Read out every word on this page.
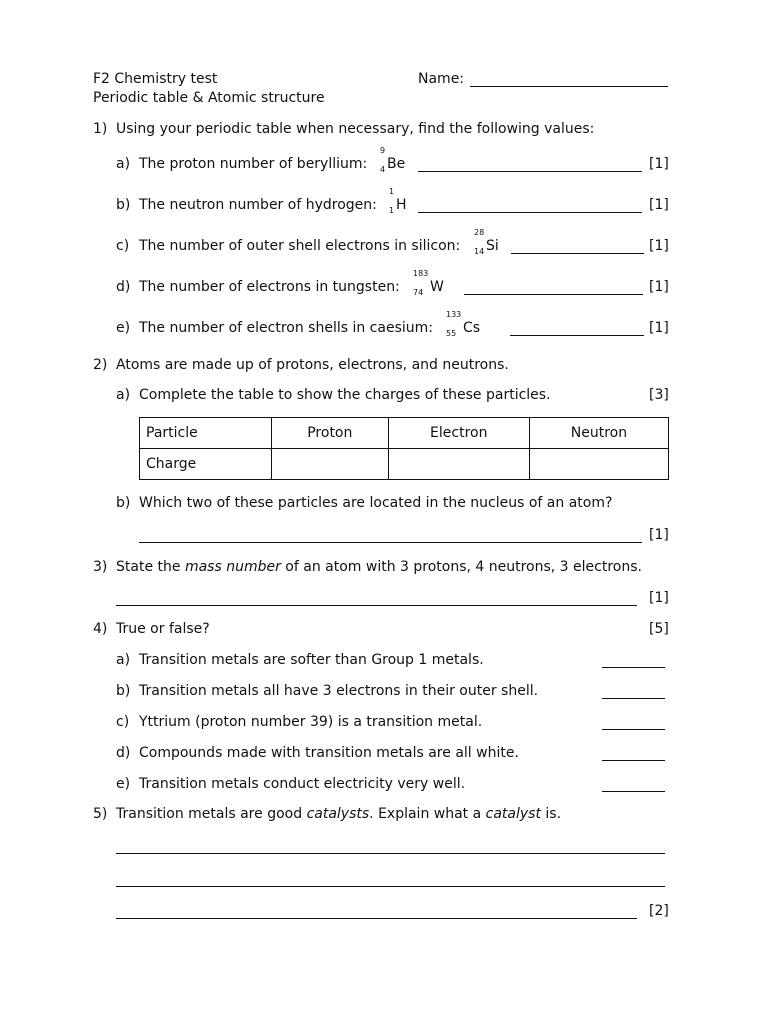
F2 Chemistry test
Periodic table & Atomic structure
Name:
1) Using your periodic table when necessary, find the following values:
a) The proton number of beryllium:
9
4 Be	[1]
b) The neutron number of hydrogen:
1
1 H	[1]
c) The number of outer shell electrons in silicon:
28
14 Si	[1]
d) The number of electrons in tungsten:
183
74 W	[1]
e) The number of electron shells in caesium:
133
55 Cs	[1]
2) Atoms are made up of protons, electrons, and neutrons.
a) Complete the table to show the charges of these particles.	[3]
Particle	Proton	Electron	Neutron
Charge			
b) Which two of these particles are located in the nucleus of an atom?
[1]
3) State the mass number of an atom with 3 protons, 4 neutrons, 3 electrons.
[1]
4) True or false?	[5]
a) Transition metals are softer than Group 1 metals.
b) Transition metals all have 3 electrons in their outer shell.
c) Yttrium (proton number 39) is a transition metal.
d) Compounds made with transition metals are all white.
e) Transition metals conduct electricity very well.
5) Transition metals are good catalysts. Explain what a catalyst is.
[2]
